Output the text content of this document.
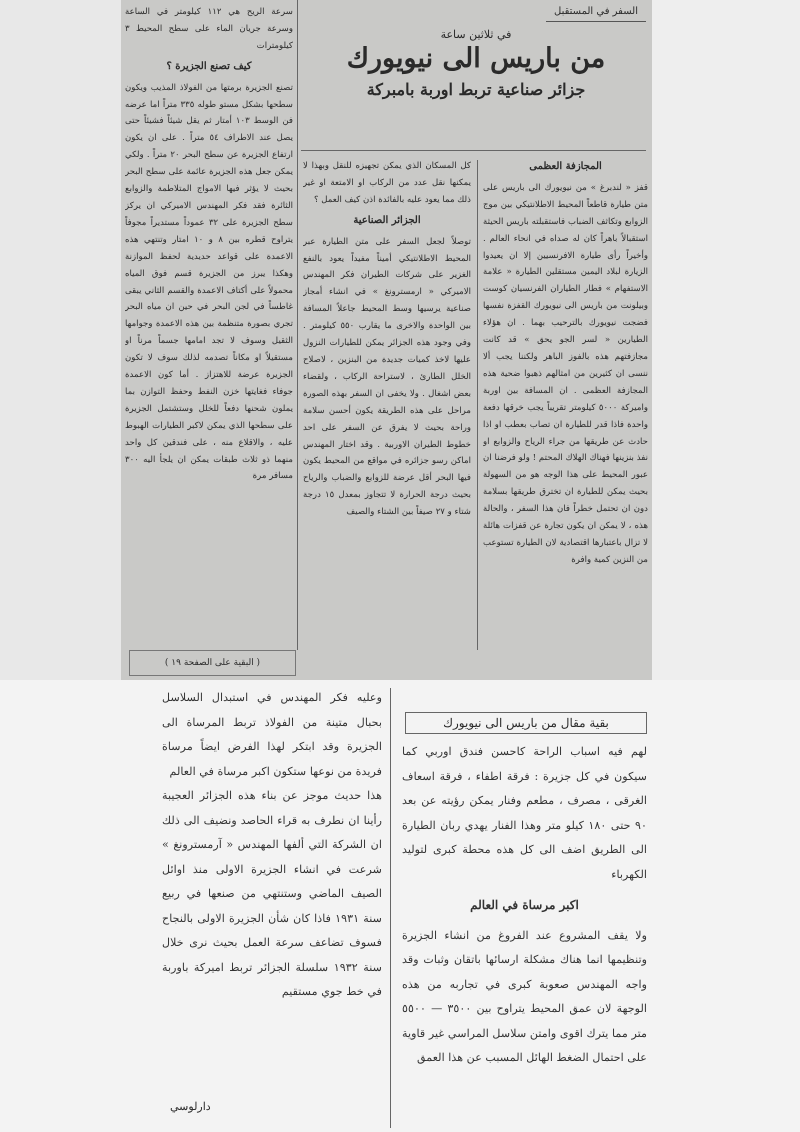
السفر في المستقبل
في ثلاثين ساعة
من باريس الى نيويورك
جزائر صناعية تربط اوربة بامبركة
المجازفة العظمى

قفز « لندبرغ » من نيويورك الى باريس على متن طيارة قاطعاً المحيط الاطلانتيكي بين موج الزوابع وتكاثف الضباب فاستقبلته باريس الحيثة استقبالاً باهراً كان له صداه في انحاء العالم . وأخيراً رأى طيارة الافرنسيين إلا ان يعيدوا الزيارة لبلاد اليمين مستقلين الطيارة « علامة الاستفهام » فطار الطياران الفرنسيان كوست وبيلونت من باريس الى نيويورك القفزة نفسها فضجت نيويورك بالترحيب بهما . ان هؤلاء الطيارين « لسر الجو يحق » قد كانت مجازفتهم هذه بالفوز الباهر ولكننا يجب ألا ننسى ان كثيرين من امثالهم ذهبوا ضحية هذه المجازفة العظمى . ان المسافة بين اوربة واميركة ٥٠٠٠ كيلومتر تقريباً يجب خرقها دفعة واحدة فاذا قدر للطيارة ان تصاب بعطب او اذا حادث عن طريقها من جراء الرياح والزوابع او نفذ بنزينها فهناك الهلاك المحتم ! ولو فرضنا ان عبور المحيط على هذا الوجه هو من السهولة بحيث يمكن للطيارة ان تخترق طريقها بسلامة دون ان تحتمل خطراً فان هذا السفر ، والحالة هذه ، لا يمكن ان يكون تجارة عن قفزات هائلة لا تزال باعتبارها اقتصادية لان الطيارة تستوعب من النزين كمية وافرة

كل المسكان الذي يمكن تجهيزه للنقل وبهذا لا يمكنها نقل عدد من الركاب او الامتعة او غير ذلك مما يعود عليه بالفائدة اذن كيف العمل ؟

الجزائر الصناعية

توصلاً لجعل السفر على متن الطيارة عبر المحيط الاطلانتيكي أميناً مفيداً يعود بالنفع الغزير على شركات الطيران فكر المهندس الاميركي « ارمسترونغ » في انشاء أمجاز صناعية يرسيها وسط المحيط جاعلاً المسافة بين الواحدة والاخرى ما يقارب ٥٥٠ كيلومتر . وفي وجود هذه الجزائر يمكن للطيارات النزول عليها لاخذ كميات جديدة من البنزين ، لاصلاح الخلل الطارئ ، لاستراحة الركاب ، ولقضاء بعض اشغال . ولا يخفى ان السفر بهذه الصورة مراحل على هذه الطريقة يكون أحسن سلامة وراحة بحيث لا يفرق عن السفر على احد خطوط الطيران الاوربية . وقد اختار المهندس اماكن رسو جزائره في مواقع من المحيط يكون فيها البحر أقل عرضة للزوابع والضباب والرياح بحيث درجة الحرارة لا تتجاوز بمعدل ١٥ درجة شتاء و ٢٧ صيفاً بين الشتاء والصيف

سرعة الريح هي ١١٢ كيلومتر في الساعة وسرعة جريان الماء على سطح المحيط ٣ كيلومترات

كيف تصنع الجزيرة ؟

تصنع الجزيرة برمتها من الفولاذ المذيب ويكون سطحها بشكل مستو طوله ٣٣٥ متراً اما عرضه فن الوسط ١٠٣ أمتار ثم يقل شيئاً فشيئاً حتى يصل عند الاطراف ٥٤ متراً . على ان يكون ارتفاع الجزيرة عن سطح البحر ٢٠ متراً . ولكي يمكن جعل هذه الجزيرة عائمة على سطح البحر بحيث لا يؤثر فيها الامواج المتلاطمة والزوابع الثائرة فقد فكر المهندس الاميركي ان يركز سطح الجزيرة على ٣٢ عموداً مستديراً مجوفاً يتراوح قطره بين ٨ و ١٠ امتار وتنتهي هذه الاعمدة على قواعد حديدية لحفظ الموازنة وهكذا يبرز من الجزيرة قسم فوق المياه محمولاً على أكتاف الاعمدة والقسم الثاني يبقى غاطساً في لجن البحر في حين ان مياه البحر تجري بصورة متنظمة بين هذه الاعمدة وجوامها الثقيل وسوف لا تجد امامها جسماً مرناً او مستقيلاً او مكاناً تصدمه لذلك سوف لا تكون الجزيرة عرضة للاهتزاز . أما كون الاعمدة جوفاء فغايتها خزن النفط وحفظ التوازن بما يملون شحنها دفعاً للخلل وستشتمل الجزيرة على سطحها الذي يمكن لاكبر الطيارات الهبوط عليه ، والاقلاع منه ، على فندقين كل واحد منهما ذو ثلاث طبقات يمكن ان يلجأ اليه ٣٠٠ مسافر مرة

( البقية على الصفحة ١٩ )
بقية مقال من باريس الى نيويورك

لهم فيه اسباب الراحة كاحسن فندق اوربي كما سيكون في كل جزيرة : فرقة اطفاء ، فرقة اسعاف الغرقى ، مصرف ، مطعم وفنار يمكن رؤيته عن بعد ٩٠ حتى ١٨٠ كيلو متر وهذا الفنار يهدي ربان الطيارة الى الطريق اضف الى كل هذه محطة كبرى لتوليد الكهرباء

اكبر مرساة في العالم

ولا يقف المشروع عند الفروغ من انشاء الجزيرة وتنظيمها انما هناك مشكلة ارسائها باتقان وثبات وقد واجه المهندس صعوبة كبرى في تجاربه من هذه الوجهة لان عمق المحيط يتراوح بين ٣٥٠٠ — ٥٥٠٠ متر مما يترك اقوى وامتن سلاسل المراسي غير قاوية على احتمال الضغط الهائل المسبب عن هذا العمق

وعليه فكر المهندس في استبدال السلاسل بحبال متينة من الفولاذ تربط المرساة الى الجزيرة وقد ابتكر لهذا الفرض ايضاً مرساة فريدة من نوعها ستكون اكبر مرساة في العالم

هذا حديث موجز عن بناء هذه الجزائر العجيبة رأينا ان نطرف به قراء الحاصد ونضيف الى ذلك ان الشركة التي ألفها المهندس « آرمسترونغ » شرعت في انشاء الجزيرة الاولى منذ اوائل الصيف الماضي وستنتهي من صنعها في ربيع سنة ١٩٣١ فاذا كان شأن الجزيرة الاولى بالنجاح فسوف تضاعف سرعة العمل بحيث نرى خلال سنة ١٩٣٢ سلسلة الجزائر تربط اميركة باوربة في خط جوي مستقيم

دارلوسي
